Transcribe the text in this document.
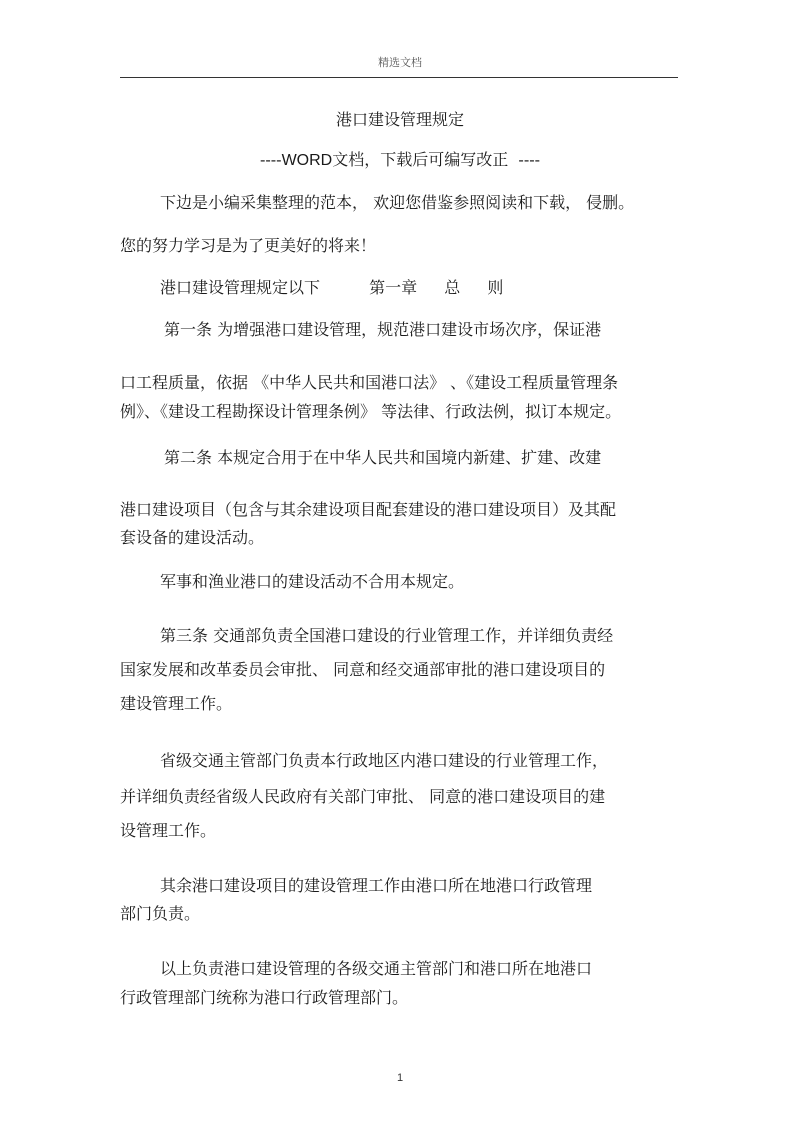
精选文档
港口建设管理规定
----WORD文档，下载后可编写改正 ----
下边是小编采集整理的范本， 欢迎您借鉴参照阅读和下载， 侵删。
您的努力学习是为了更美好的将来！
港口建设管理规定以下	第一章 总 则
第一条 为增强港口建设管理，规范港口建设市场次序，保证港
口工程质量，依据 《中华人民共和国港口法》 、《建设工程质量管理条
例》、《建设工程勘探设计管理条例》 等法律、行政法例，拟订本规定。
第二条 本规定合用于在中华人民共和国境内新建、扩建、改建
港口建设项目（包含与其余建设项目配套建设的港口建设项目）及其配
套设备的建设活动。
军事和渔业港口的建设活动不合用本规定。
第三条 交通部负责全国港口建设的行业管理工作，并详细负责经
国家发展和改革委员会审批、 同意和经交通部审批的港口建设项目的
建设管理工作。
省级交通主管部门负责本行政地区内港口建设的行业管理工作，
并详细负责经省级人民政府有关部门审批、 同意的港口建设项目的建
设管理工作。
其余港口建设项目的建设管理工作由港口所在地港口行政管理
部门负责。
以上负责港口建设管理的各级交通主管部门和港口所在地港口
行政管理部门统称为港口行政管理部门。
1
